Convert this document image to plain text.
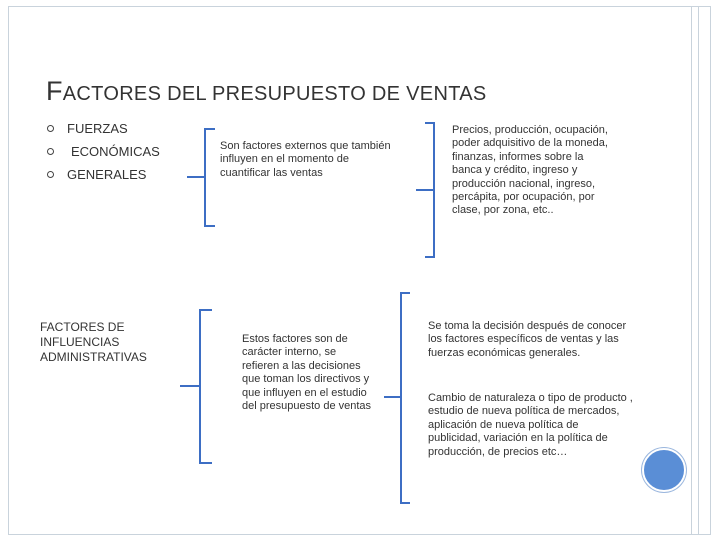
FACTORES DEL PRESUPUESTO DE VENTAS
FUERZAS
ECONÓMICAS
GENERALES
FACTORES DE INFLUENCIAS ADMINISTRATIVAS
Son factores externos que también influyen en el momento de cuantificar las ventas
Precios, producción, ocupación, poder adquisitivo de la moneda, finanzas, informes sobre la banca y crédito, ingreso y producción nacional, ingreso, percápita, por ocupación, por clase, por zona, etc..
Estos factores son de carácter interno, se refieren a las decisiones que toman los directivos y que influyen en el estudio del presupuesto de ventas
Se toma la decisión después de conocer los factores específicos de ventas y las fuerzas económicas generales.
Cambio de naturaleza o tipo de producto , estudio de nueva política de mercados, aplicación de nueva política de publicidad, variación en la política de producción, de precios etc…
